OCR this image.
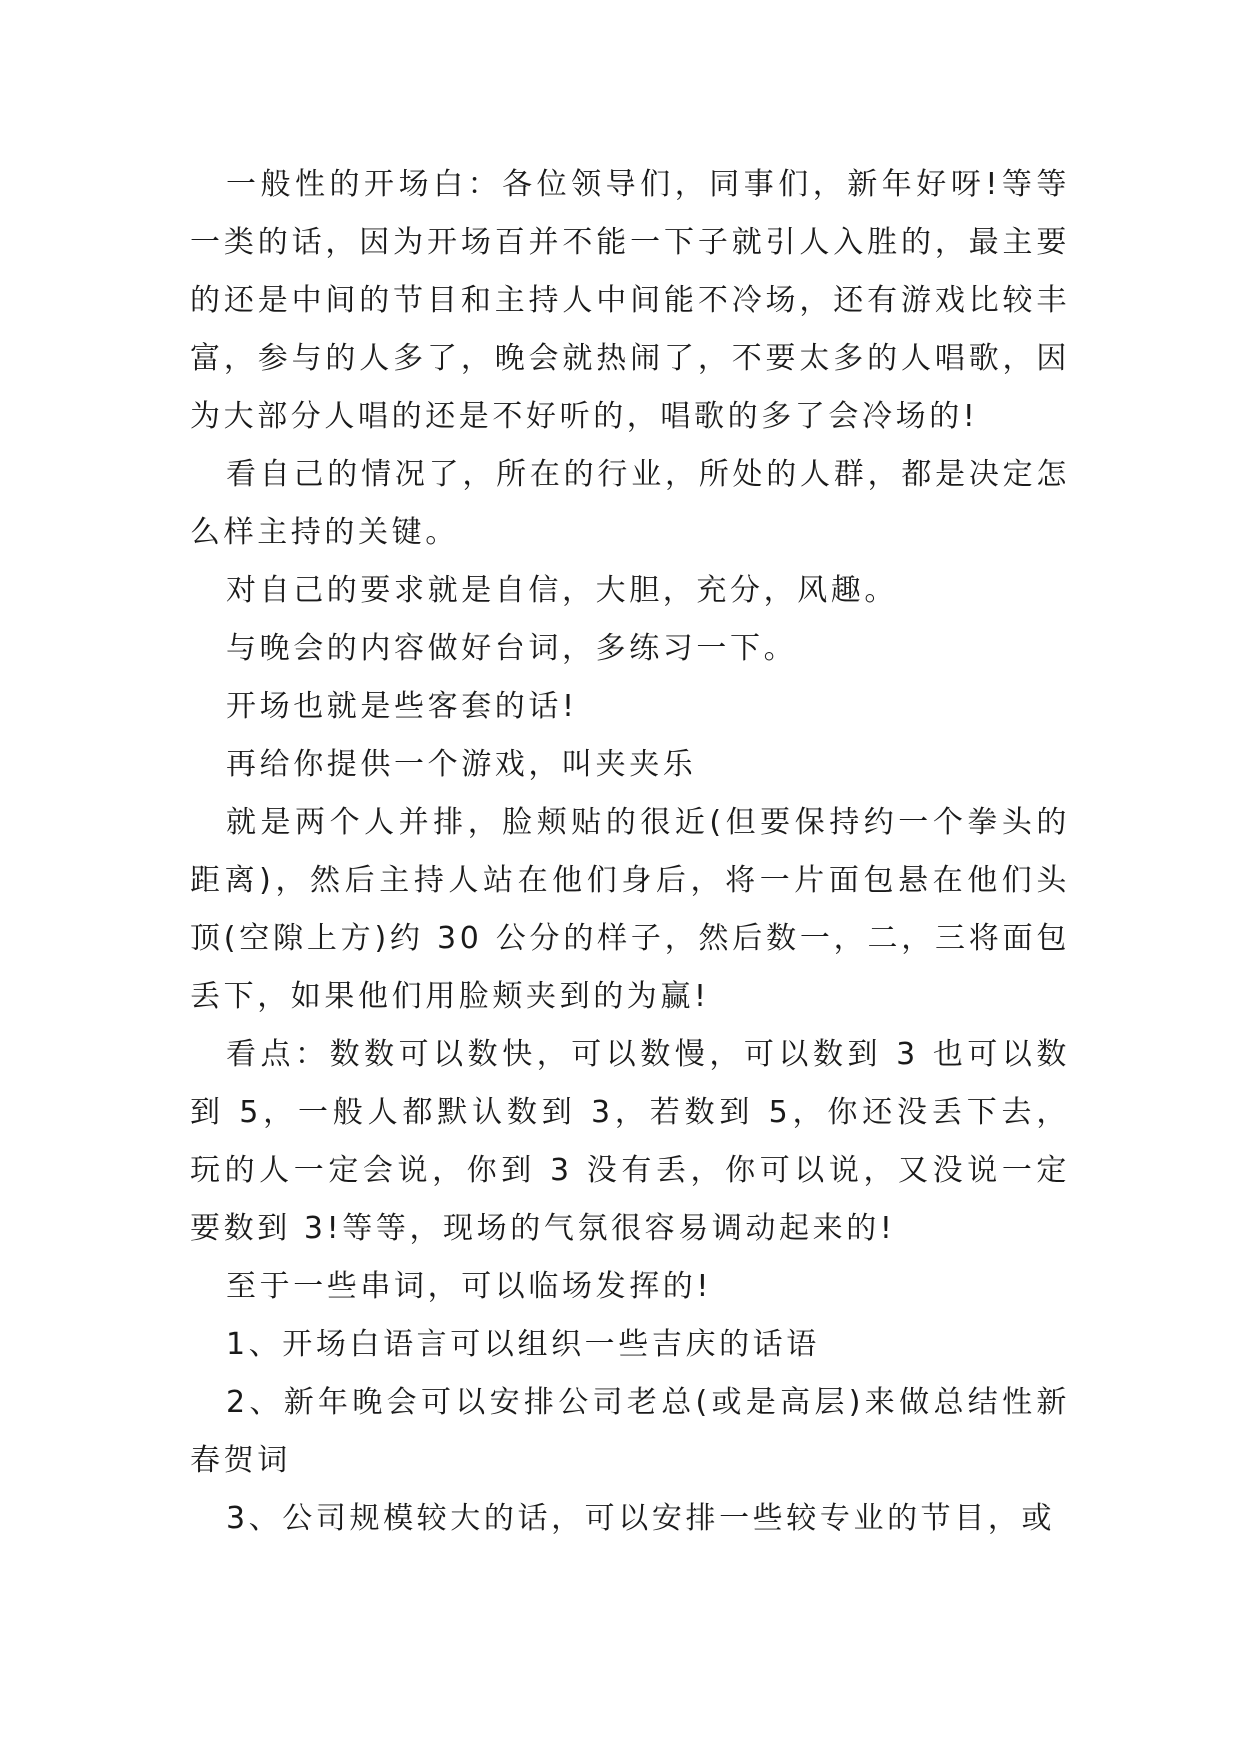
一般性的开场白：各位领导们，同事们，新年好呀!等等一类的话，因为开场百并不能一下子就引人入胜的，最主要的还是中间的节目和主持人中间能不冷场，还有游戏比较丰富，参与的人多了，晚会就热闹了，不要太多的人唱歌，因为大部分人唱的还是不好听的，唱歌的多了会冷场的!

看自己的情况了，所在的行业，所处的人群，都是决定怎么样主持的关键。

对自己的要求就是自信，大胆，充分，风趣。

与晚会的内容做好台词，多练习一下。

开场也就是些客套的话!

再给你提供一个游戏，叫夹夹乐

就是两个人并排，脸颊贴的很近(但要保持约一个拳头的距离)，然后主持人站在他们身后，将一片面包悬在他们头顶(空隙上方)约 30 公分的样子，然后数一，二，三将面包丢下，如果他们用脸颊夹到的为赢!

看点：数数可以数快，可以数慢，可以数到 3 也可以数到 5，一般人都默认数到 3，若数到 5，你还没丢下去，玩的人一定会说，你到 3 没有丢，你可以说，又没说一定要数到 3!等等，现场的气氛很容易调动起来的!

至于一些串词，可以临场发挥的!

1、开场白语言可以组织一些吉庆的话语

2、新年晚会可以安排公司老总(或是高层)来做总结性新春贺词

3、公司规模较大的话，可以安排一些较专业的节目，或
